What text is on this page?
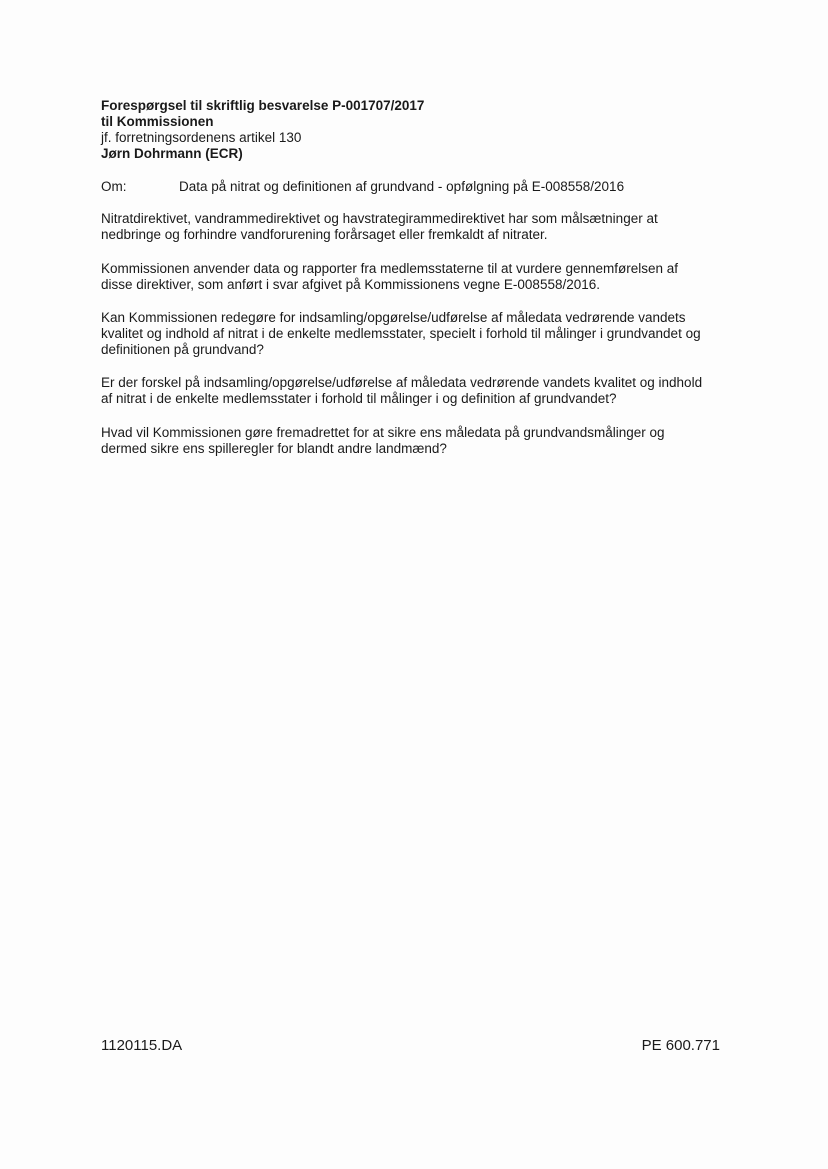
Forespørgsel til skriftlig besvarelse P-001707/2017
til Kommissionen
jf. forretningsordenens artikel 130
Jørn Dohrmann (ECR)
Om:	Data på nitrat og definitionen af grundvand - opfølgning på E-008558/2016
Nitratdirektivet, vandrammedirektivet og havstrategirammedirektivet har som målsætninger at
nedbringe og forhindre vandforurening forårsaget eller fremkaldt af nitrater.
Kommissionen anvender data og rapporter fra medlemsstaterne til at vurdere gennemførelsen af
disse direktiver, som anført i svar afgivet på Kommissionens vegne E-008558/2016.
Kan Kommissionen redegøre for indsamling/opgørelse/udførelse af måledata vedrørende vandets
kvalitet og indhold af nitrat i de enkelte medlemsstater, specielt i forhold til målinger i grundvandet og
definitionen på grundvand?
Er der forskel på indsamling/opgørelse/udførelse af måledata vedrørende vandets kvalitet og indhold
af nitrat i de enkelte medlemsstater i forhold til målinger i og definition af grundvandet?
Hvad vil Kommissionen gøre fremadrettet for at sikre ens måledata på grundvandsmålinger og
dermed sikre ens spilleregler for blandt andre landmænd?
1120115.DA	PE 600.771
